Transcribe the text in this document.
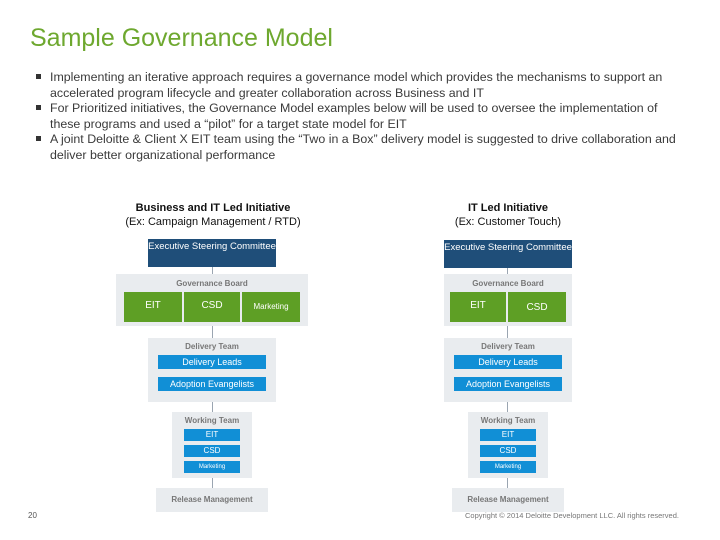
Sample Governance Model
Implementing an iterative approach requires a governance model which provides the mechanisms to support an accelerated program lifecycle and greater collaboration across Business and IT
For Prioritized initiatives, the Governance Model examples below will be used to oversee the implementation of these programs and used a “pilot” for a target state model for EIT
A joint Deloitte & Client X EIT team using the “Two in a Box” delivery model is suggested to drive collaboration and deliver better organizational performance
Business and IT Led Initiative
(Ex: Campaign Management / RTD)
Executive Steering Committee
Governance Board
EIT	CSD	Marketing
Delivery Team
Delivery Leads
Adoption Evangelists
Working Team
EIT
CSD
Marketing
Release Management
IT Led Initiative
(Ex: Customer Touch)
Executive Steering Committee
Governance Board
EIT	CSD
Delivery Team
Delivery Leads
Adoption Evangelists
Working Team
EIT
CSD
Marketing
Release Management
20	Copyright © 2014 Deloitte Development LLC. All rights reserved.
